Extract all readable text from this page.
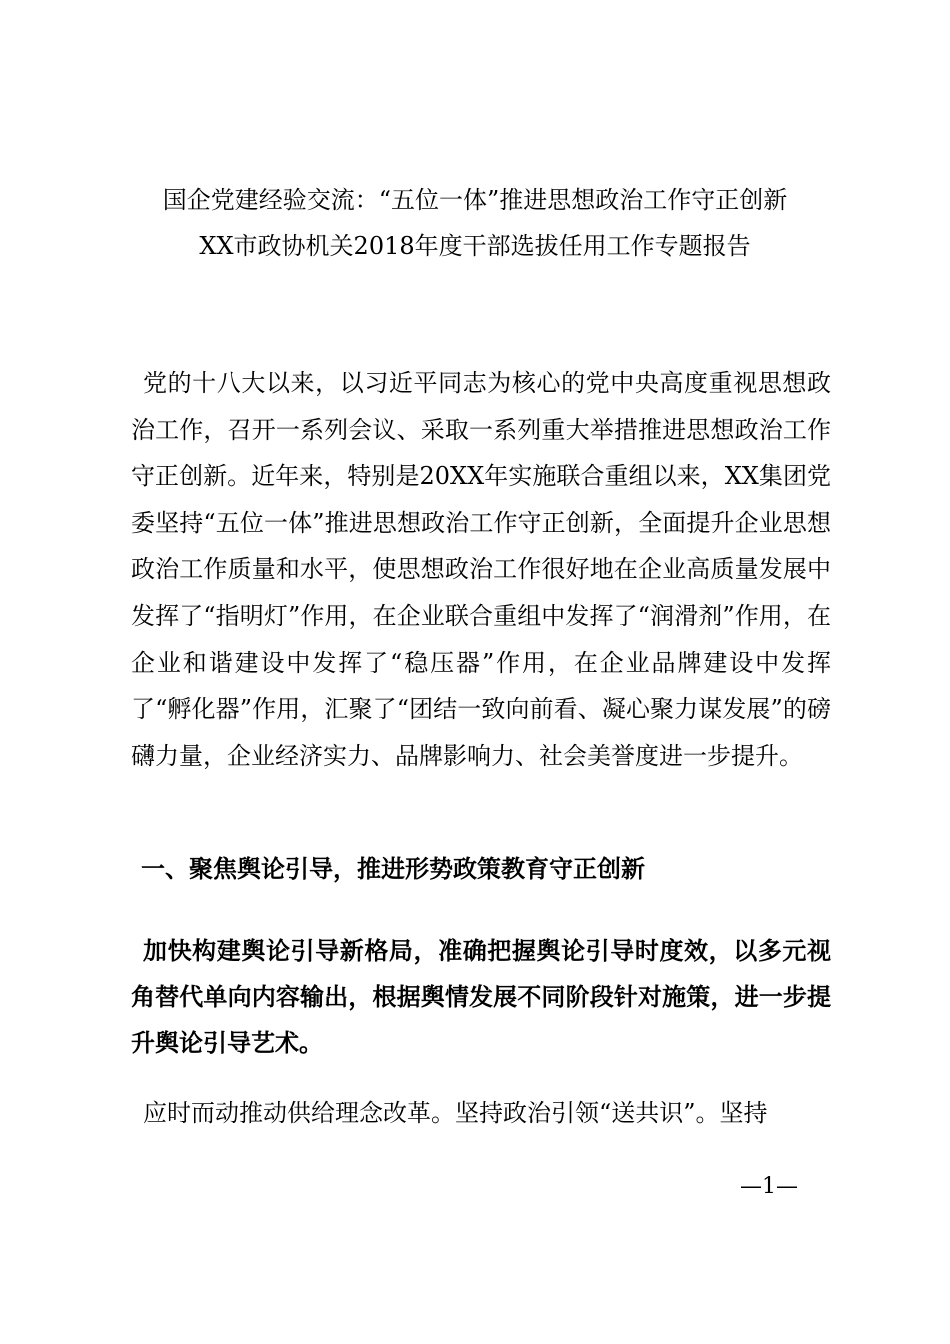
国企党建经验交流：“五位一体”推进思想政治工作守正创新
XX市政协机关2018年度干部选拔任用工作专题报告

党的十八大以来，以习近平同志为核心的党中央高度重视思想政治工作，召开一系列会议、采取一系列重大举措推进思想政治工作守正创新。近年来，特别是20XX年实施联合重组以来，XX集团党委坚持“五位一体”推进思想政治工作守正创新，全面提升企业思想政治工作质量和水平，使思想政治工作很好地在企业高质量发展中发挥了“指明灯”作用，在企业联合重组中发挥了“润滑剂”作用，在企业和谐建设中发挥了“稳压器”作用，在企业品牌建设中发挥了“孵化器”作用，汇聚了“团结一致向前看、凝心聚力谋发展”的磅礴力量，企业经济实力、品牌影响力、社会美誉度进一步提升。

一、聚焦舆论引导，推进形势政策教育守正创新

加快构建舆论引导新格局，准确把握舆论引导时度效，以多元视角替代单向内容输出，根据舆情发展不同阶段针对施策，进一步提升舆论引导艺术。

应时而动推动供给理念改革。坚持政治引领“送共识”。坚持

—1—
